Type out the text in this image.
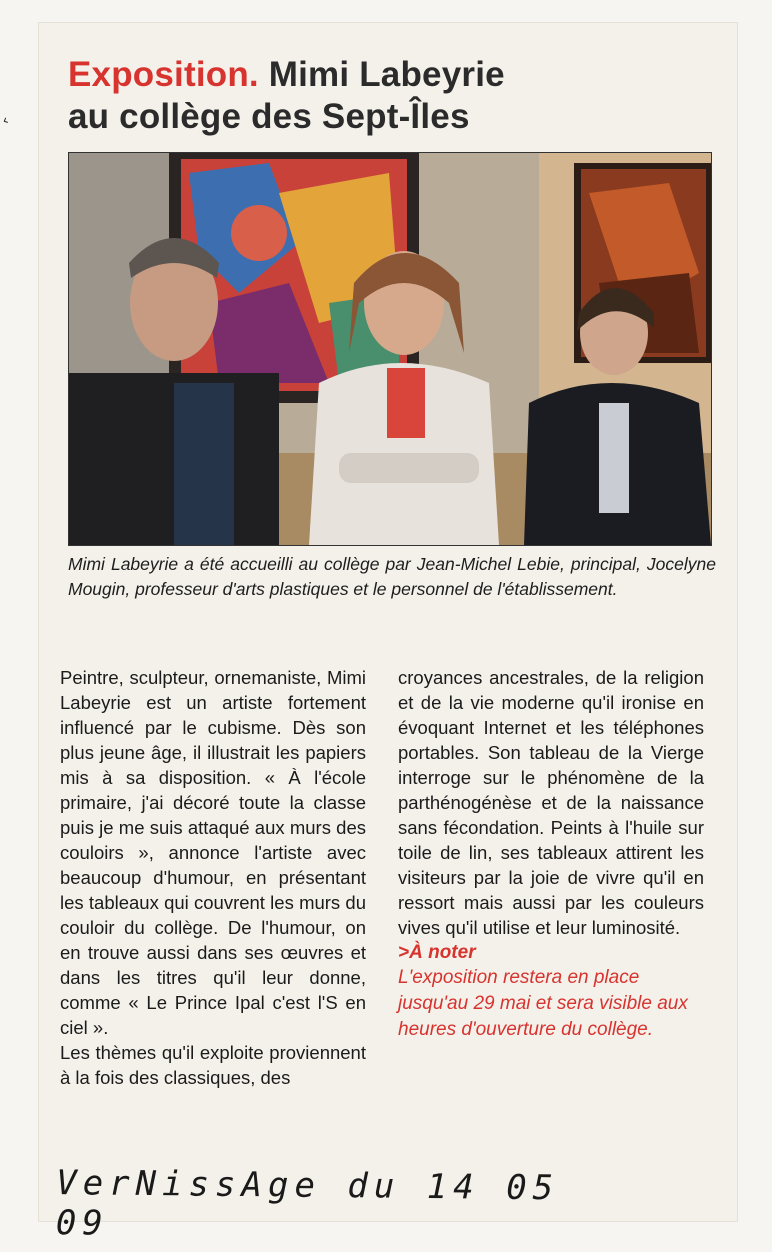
‹
Exposition. Mimi Labeyrie
au collège des Sept-Îles
Mimi Labeyrie a été accueilli au collège par Jean-Michel Lebie, principal, Jocelyne Mougin, professeur d'arts plastiques et le personnel de l'établissement.

Peintre, sculpteur, ornemaniste, Mimi Labeyrie est un artiste fortement influencé par le cubisme. Dès son plus jeune âge, il illustrait les papiers mis à sa disposition. « À l'école primaire, j'ai décoré toute la classe puis je me suis attaqué aux murs des couloirs », annonce l'artiste avec beaucoup d'humour, en présentant les tableaux qui couvrent les murs du couloir du collège. De l'humour, on en trouve aussi dans ses œuvres et dans les titres qu'il leur donne, comme « Le Prince Ipal c'est l'S en ciel ».

Les thèmes qu'il exploite proviennent à la fois des classiques, des

croyances ancestrales, de la religion et de la vie moderne qu'il ironise en évoquant Internet et les téléphones portables. Son tableau de la Vierge interroge sur le phénomène de la parthénogénèse et de la naissance sans fécondation. Peints à l'huile sur toile de lin, ses tableaux attirent les visiteurs par la joie de vivre qu'il en ressort mais aussi par les couleurs vives qu'il utilise et leur luminosité.

>À noter

L'exposition restera en place jusqu'au 29 mai et sera visible aux heures d'ouverture du collège.

VerNissAge du 14 05 09
